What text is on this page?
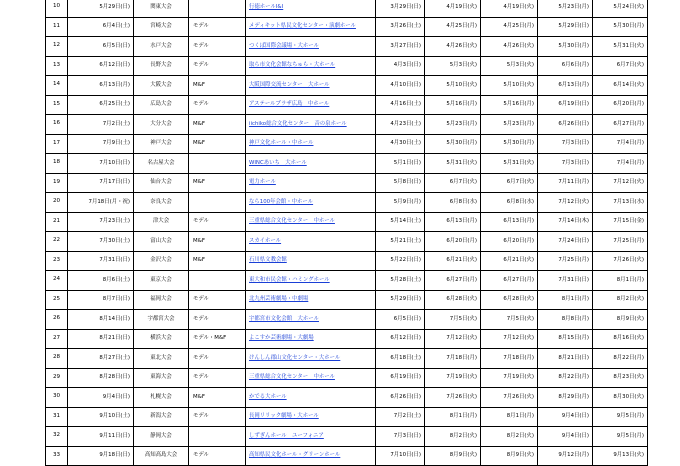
10	5月29日(日)	関東大会		行徳ホールI&I	3月29日(日)	4月19日(火)	4月19日(火)	5月23日(月)	5月24日(火)
11	6月4日(土)	宮崎大会	モデル	メディキット県民文化センター・演劇ホール	3月26日(土)	4月25日(月)	4月25日(月)	5月29日(日)	5月30日(月)
12	6月5日(日)	水戸大会	モデル	つくば国際会議場・大ホール	3月27日(日)	4月26日(火)	4月26日(火)	5月30日(月)	5月31日(火)
13	6月12日(日)	長野大会	モデル	取ら市文化会館なちゅら・大ホール	4月3日(日)	5月3日(火)	5月3日(火)	6月6日(月)	6月7日(火)
14	6月13日(月)	大阪大会	M&F	大阪国際交流センター　大ホール	4月10日(日)	5月10日(火)	5月10日(火)	6月13日(月)	6月14日(火)
15	6月25日(土)	広島大会	モデル	アステールプラザ広島　中ホール	4月16日(土)	5月16日(月)	5月16日(月)	6月19日(日)	6月20日(月)
16	7月2日(土)	大分大会	M&F	iichiko総合文化センター　音の泉ホール	4月23日(土)	5月23日(月)	5月23日(月)	6月26日(日)	6月27日(月)
17	7月9日(土)	神戸大会	M&F	神戸文化ホール・中ホール	4月30日(土)	5月30日(月)	5月30日(月)	7月3日(日)	7月4日(月)
18	7月10日(日)	名古屋大会		WINCあいち　大ホール	5月1日(日)	5月31日(火)	5月31日(火)	7月3日(日)	7月4日(月)
19	7月17日(日)	仙台大会	M&F	電力ホール	5月8日(日)	6月7日(火)	6月7日(火)	7月11日(月)	7月12日(火)
20	7月18日(月・祝)	奈良大会		なら100年会館・中ホール	5月9日(月)	6月8日(水)	6月8日(水)	7月12日(火)	7月13日(水)
21	7月23日(土)	津大会	モデル	三重県総合文化センター　中ホール	5月14日(土)	6月13日(月)	6月13日(月)	7月14日(木)	7月15日(金)
22	7月30日(土)	富山大会	M&F	スカイホール	5月21日(土)	6月20日(月)	6月20日(月)	7月24日(日)	7月25日(月)
23	7月31日(日)	金沢大会	M&F	石川県文教会館	5月22日(日)	6月21日(火)	6月21日(火)	7月25日(月)	7月26日(火)
24	8月6日(土)	東京大会		東大和市民会館・ハミングホール	5月28日(土)	6月27日(月)	6月27日(月)	7月31日(日)	8月1日(月)
25	8月7日(日)	福岡大会	モデル	北九州芸術劇場・中劇場	5月29日(日)	6月28日(火)	6月28日(火)	8月1日(月)	8月2日(火)
26	8月14日(日)	宇都宮大会	モデル	宇都宮市文化会館　大ホール	6月5日(日)	7月5日(火)	7月5日(火)	8月8日(月)	8月9日(火)
27	8月21日(日)	横浜大会	モデル・M&F	よこすか芸術劇場・大劇場	6月12日(日)	7月12日(火)	7月12日(火)	8月15日(月)	8月16日(火)
28	8月27日(土)	東北大会	モデル	けんしん郡山文化センター・大ホール	6月18日(土)	7月18日(月)	7月18日(月)	8月21日(日)	8月22日(月)
29	8月28日(日)	東海大会	モデル	三重県総合文化センター　中ホール	6月19日(日)	7月19日(火)	7月19日(火)	8月22日(月)	8月23日(火)
30	9月4日(日)	札幌大会	M&F	かでる大ホール	6月26日(日)	7月26日(火)	7月26日(火)	8月29日(月)	8月30日(火)
31	9月10日(土)	新潟大会	モデル	長岡リリック劇場・大ホール	7月2日(土)	8月1日(月)	8月1日(月)	9月4日(日)	9月5日(月)
32	9月11日(日)	静岡大会		しずぎんホール　ユーフォニア	7月3日(日)	8月2日(火)	8月2日(火)	9月4日(日)	9月5日(月)
33	9月18日(日)	高知高島大会	モデル	高知県民文化ホール・グリーンホール	7月10日(日)	8月9日(火)	8月9日(火)	9月12日(月)	9月13日(火)
